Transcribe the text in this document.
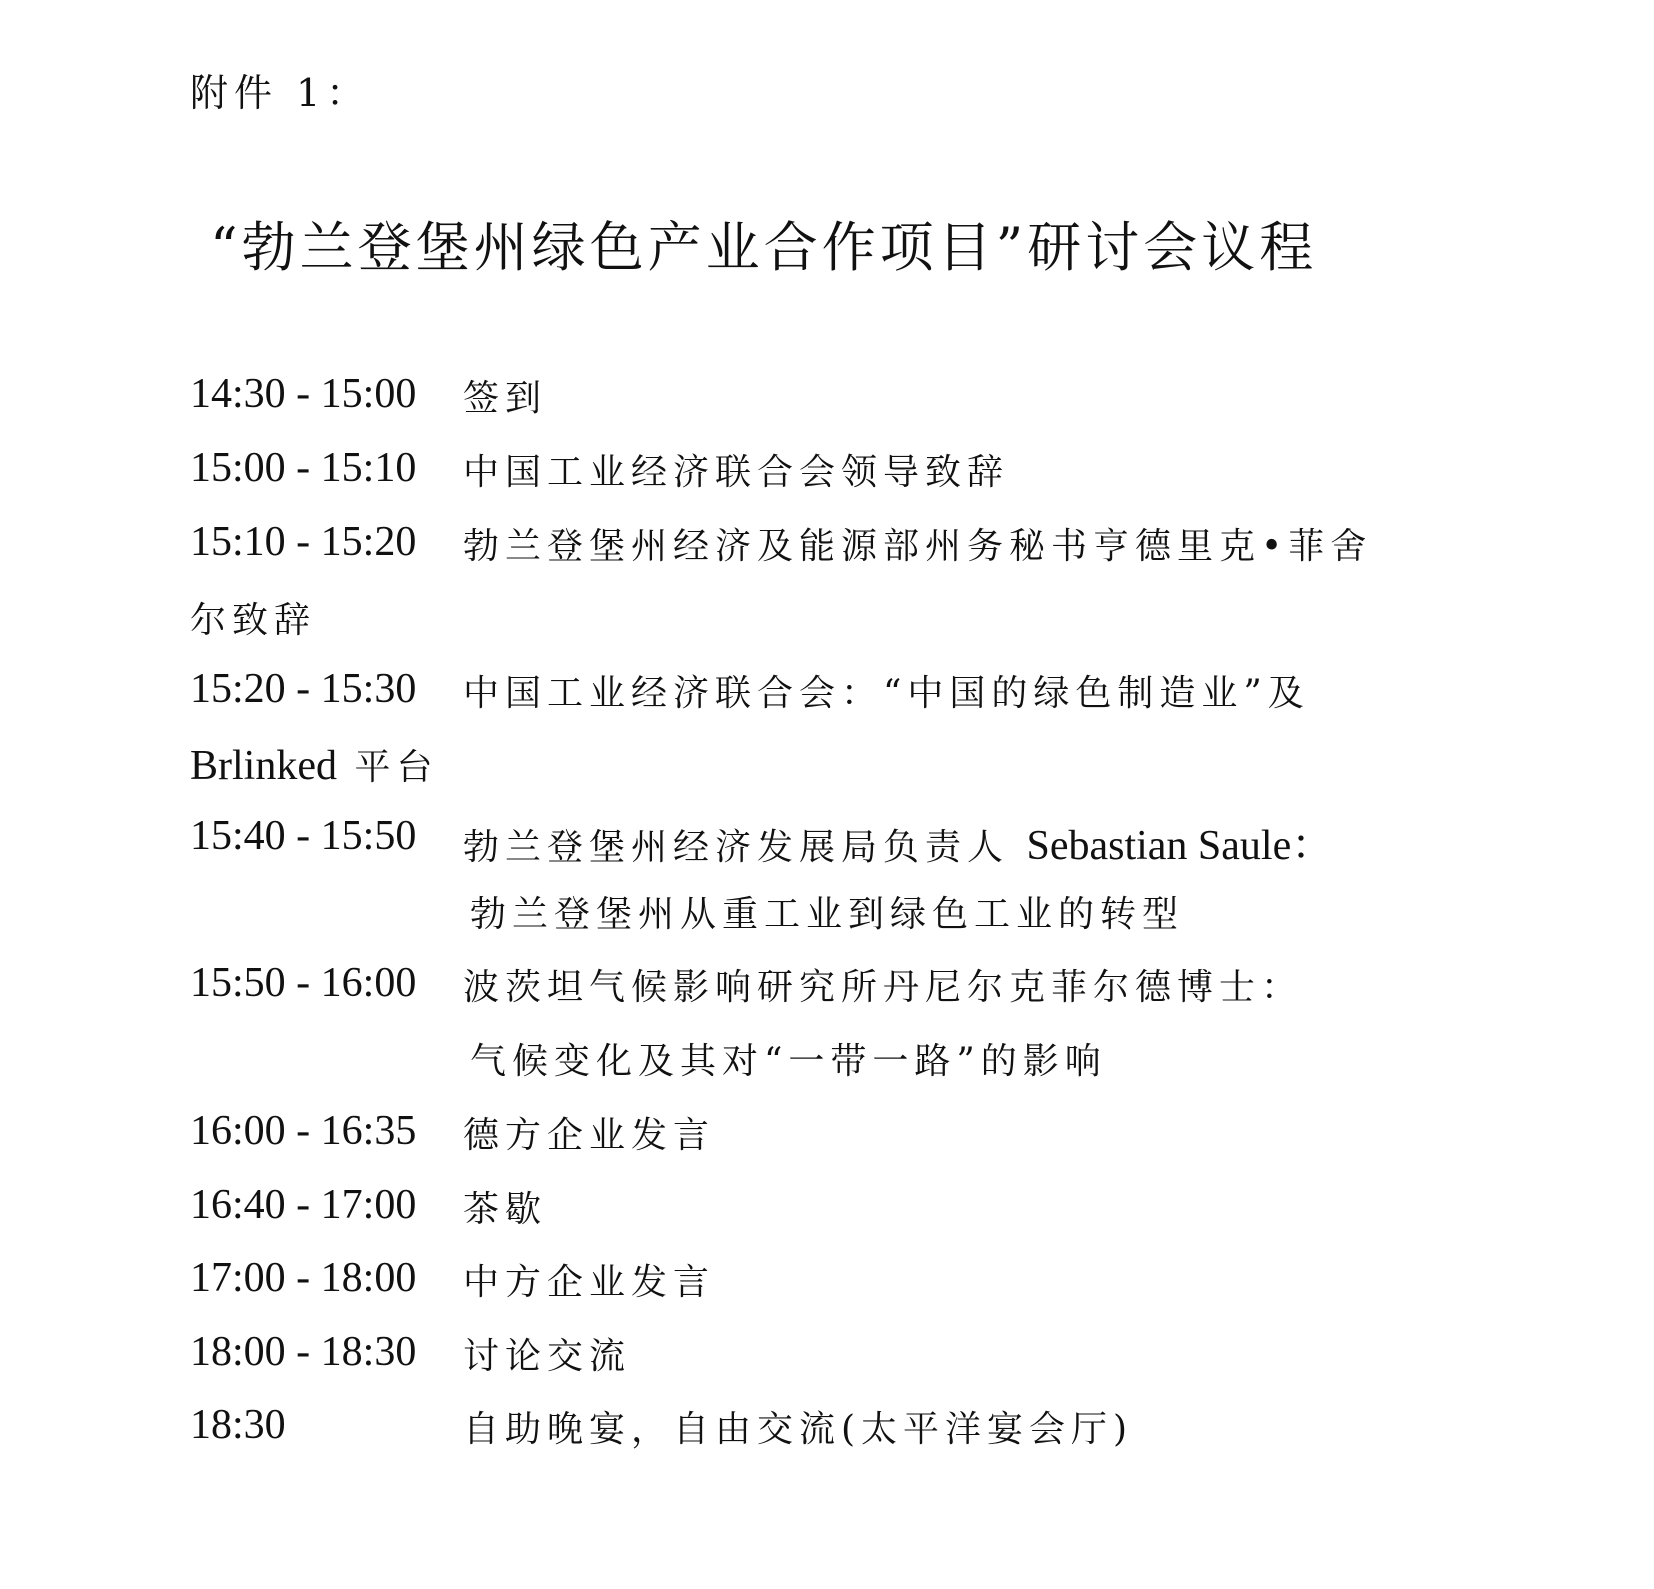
附件 1：
“勃兰登堡州绿色产业合作项目”研讨会议程
14:30 - 15:00 签到
15:00 - 15:10 中国工业经济联合会领导致辞
15:10 - 15:20 勃兰登堡州经济及能源部州务秘书亨德里克•菲舍
尔致辞
15:20 - 15:30 中国工业经济联合会：“中国的绿色制造业”及
Brlinked 平台
15:40 - 15:50 勃兰登堡州经济发展局负责人 Sebastian Saule：
勃兰登堡州从重工业到绿色工业的转型
15:50 - 16:00 波茨坦气候影响研究所丹尼尔克菲尔德博士：
气候变化及其对“一带一路”的影响
16:00 - 16:35 德方企业发言
16:40 - 17:00 茶歇
17:00 - 18:00 中方企业发言
18:00 - 18:30 讨论交流
18:30	自助晚宴，自由交流(太平洋宴会厅)
